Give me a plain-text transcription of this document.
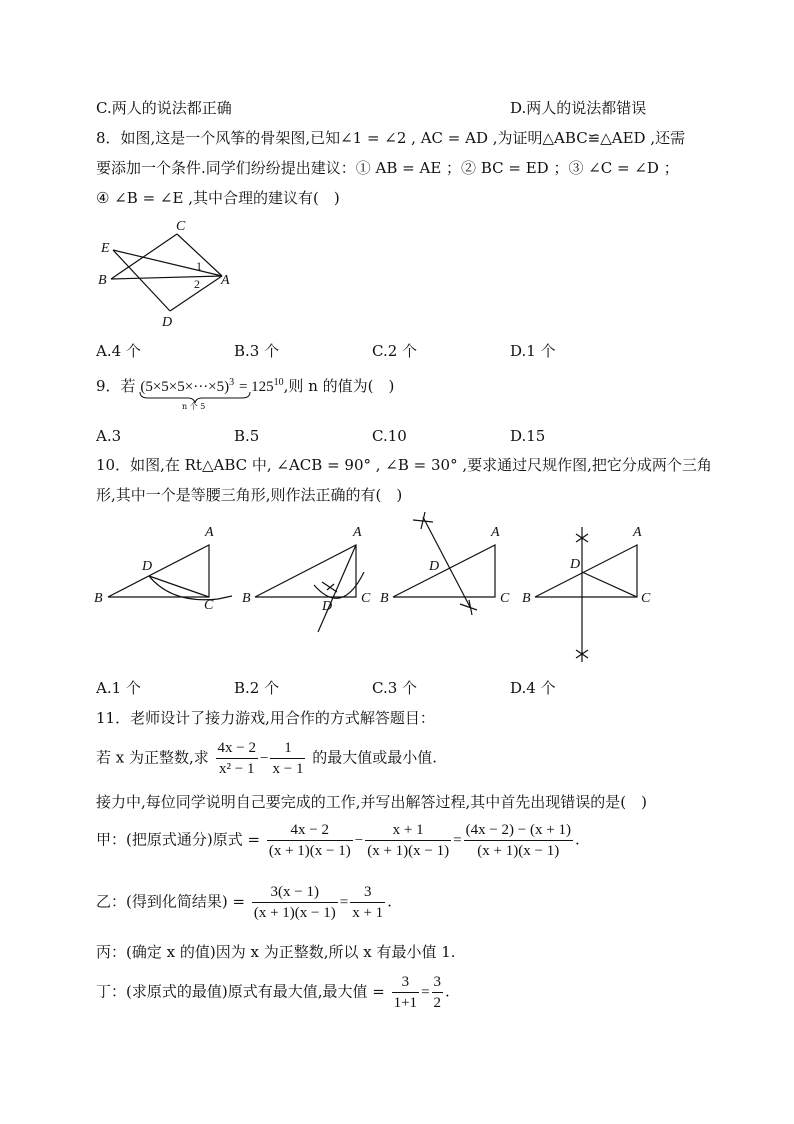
C.两人的说法都正确	D.两人的说法都错误
8．如图,这是一个风筝的骨架图,已知∠1 = ∠2 , AC = AD ,为证明△ABC≌△AED ,还需
要添加一个条件.同学们纷纷提出建议：① AB = AE ；② BC = ED ；③ ∠C = ∠D ；
④ ∠B = ∠E ,其中合理的建议有(　)
C
E
B
1
2 A
D
A.4 个	B.3 个	C.2 个	D.1 个
9．若 $(5\times 5\times 5\times\cdot\cdot\cdot\times 5)^3 = 125^{10}$,则 n 的值为(　)
n 个 5
A.3	B.5	C.10	D.15
10．如图,在 Rt△ABC 中, ∠ACB = 90° , ∠B = 30° ,要求通过尺规作图,把它分成两个三角
形,其中一个是等腰三角形,则作法正确的有(　)
A
D
B	C
A
B
D
C
A
D
B	C
A
D
B	C
A.1 个	B.2 个	C.3 个	D.4 个
11．老师设计了接力游戏,用合作的方式解答题目：
若 x 为正整数,求 $\frac{4x - 2}{\text{x² − 1}} - \frac{1}{x - 1}$ 的最大值或最小值.
接力中,每位同学说明自己要完成的工作,并写出解答过程,其中首先出现错误的是(　)
甲：(把原式通分)原式 = $\frac{4x - 2}{(x + 1)(x - 1)} - \frac{x + 1}{(x + 1)(x - 1)} = \frac{(4x - 2) - (x + 1)}{(x + 1)(x - 1)}$ .
乙：(得到化简结果) = $\frac{3(x - 1)}{(x + 1)(x - 1)} = \frac{3}{x + 1}$ .
丙：(确定 x 的值)因为 x 为正整数,所以 x 有最小值 1.
丁：(求原式的最值)原式有最大值,最大值 = $\frac{3}{1+1} = \frac{3}{2}$ .
